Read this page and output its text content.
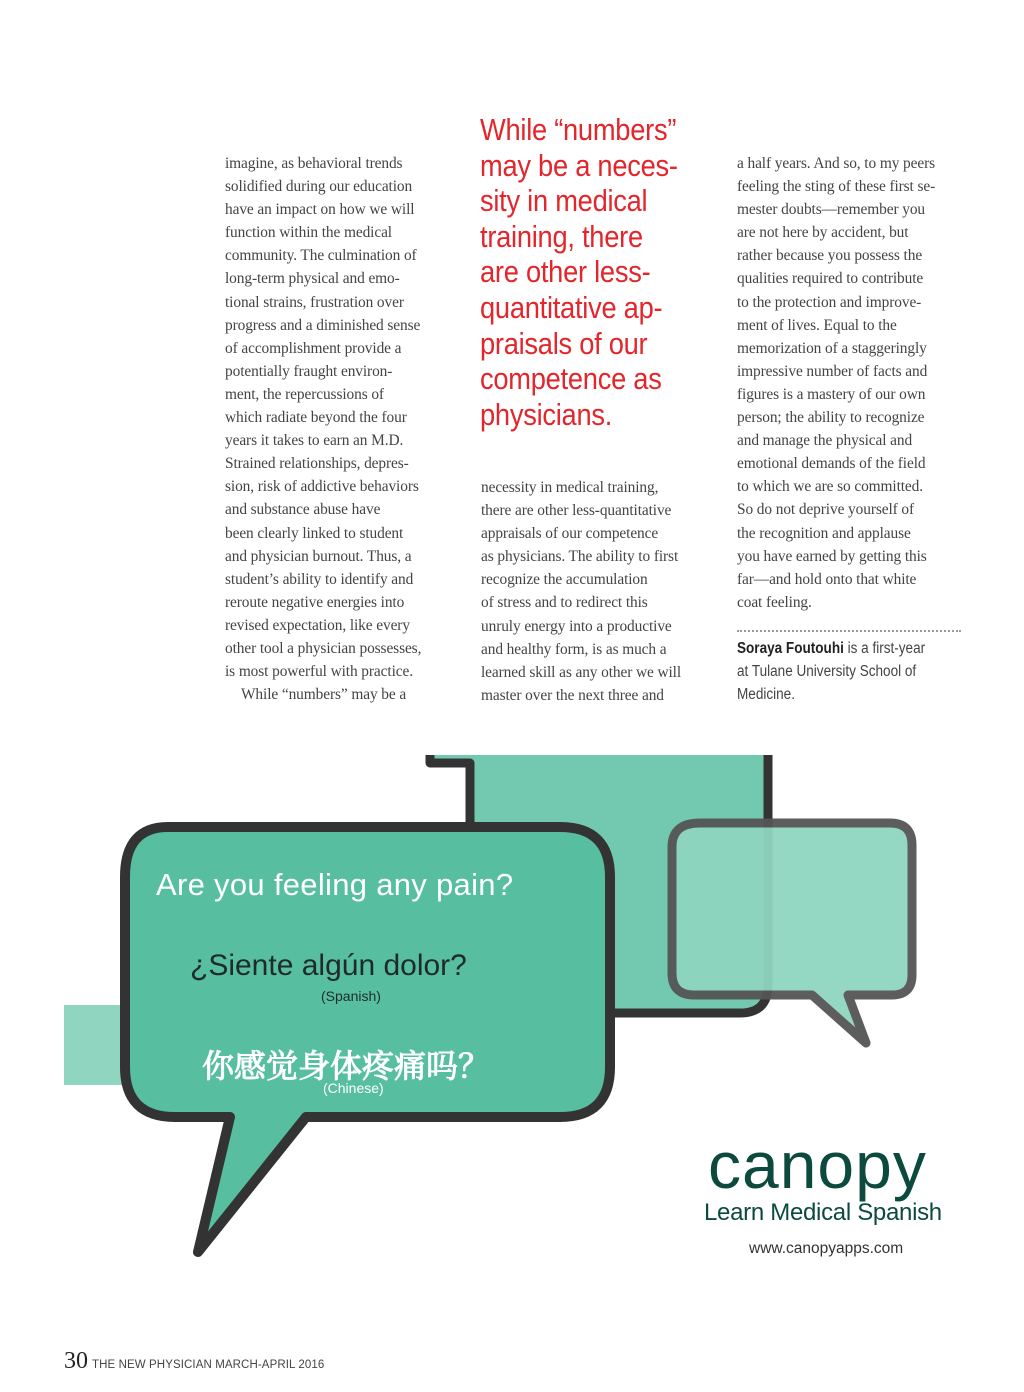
imagine, as behavioral trends
solidified during our education
have an impact on how we will
function within the medical
community. The culmination of
long-term physical and emo-
tional strains, frustration over
progress and a diminished sense
of accomplishment provide a
potentially fraught environ-
ment, the repercussions of
which radiate beyond the four
years it takes to earn an M.D.
Strained relationships, depres-
sion, risk of addictive behaviors
and substance abuse have
been clearly linked to student
and physician burnout. Thus, a
student’s ability to identify and
reroute negative energies into
revised expectation, like every
other tool a physician possesses,
is most powerful with practice.
While “numbers” may be a
While “numbers”
may be a neces-
sity in medical
training, there
are other less-
quantitative ap-
praisals of our
competence as
physicians.
necessity in medical training,
there are other less-quantitative
appraisals of our competence
as physicians. The ability to first
recognize the accumulation
of stress and to redirect this
unruly energy into a productive
and healthy form, is as much a
learned skill as any other we will
master over the next three and
a half years. And so, to my peers
feeling the sting of these first se-
mester doubts—remember you
are not here by accident, but
rather because you possess the
qualities required to contribute
to the protection and improve-
ment of lives. Equal to the
memorization of a staggeringly
impressive number of facts and
figures is a mastery of our own
person; the ability to recognize
and manage the physical and
emotional demands of the field
to which we are so committed.
So do not deprive yourself of
the recognition and applause
you have earned by getting this
far—and hold onto that white
coat feeling.
Soraya Foutouhi is a first-year
at Tulane University School of
Medicine.
Are you feeling any pain?
¿Siente algún dolor?
(Spanish)
你感觉身体疼痛吗？
(Chinese)
canopy
Learn Medical Spanish
www.canopyapps.com
30 THE NEW PHYSICIAN MARCH-APRIL 2016
